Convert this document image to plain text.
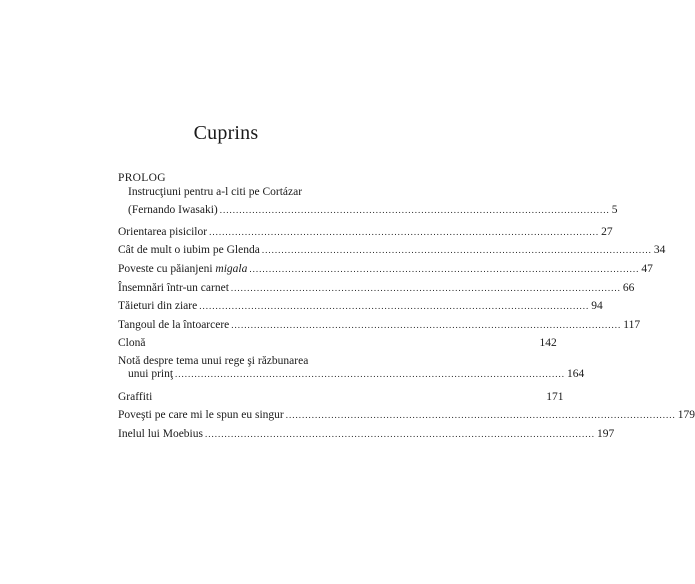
Cuprins
PROLOG
Instrucţiuni pentru a-l citi pe Cortázar
(Fernando Iwasaki) ........................................................................................................................ 5
Orientarea pisicilor ........................................................................................................................ 27
Cât de mult o iubim pe Glenda ........................................................................................................................ 34
Poveste cu păianjeni migala ........................................................................................................................ 47
Însemnări într-un carnet ........................................................................................................................ 66
Tăieturi din ziare ........................................................................................................................ 94
Tangoul de la întoarcere ........................................................................................................................ 117
Clonă	142
Notă despre tema unui rege şi răzbunarea
unui prinţ ........................................................................................................................ 164
Graffiti	171
Poveşti pe care mi le spun eu singur ........................................................................................................................ 179
Inelul lui Moebius ........................................................................................................................ 197
